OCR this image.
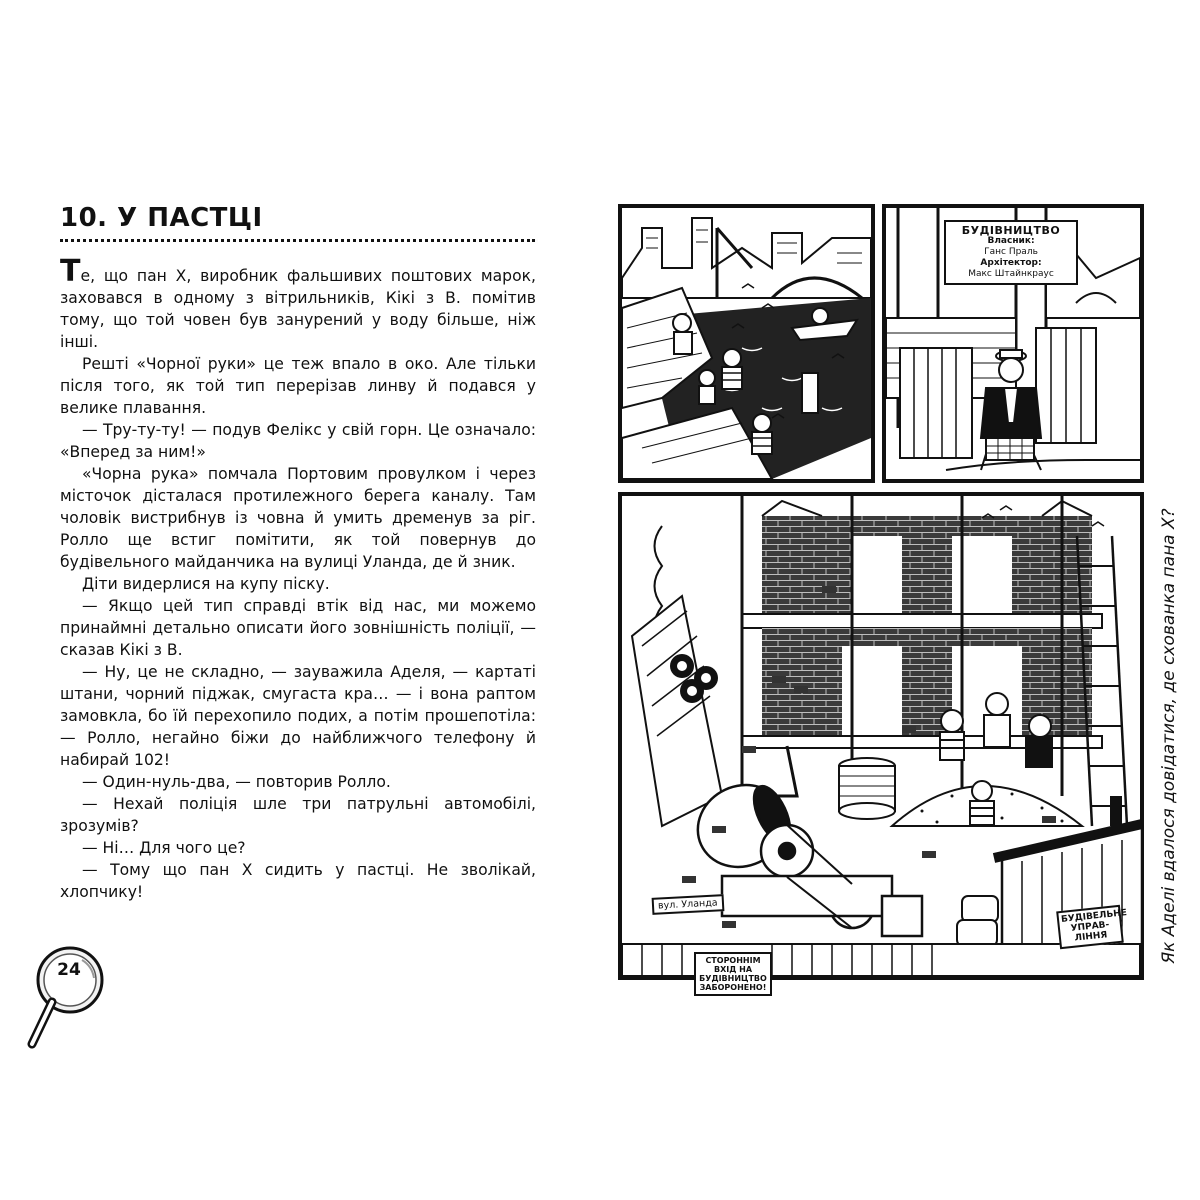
10. У ПАСТЦІ

Те, що пан Х, виробник фальшивих поштових марок, заховався в одному з вітрильників, Кікі з В. помітив тому, що той човен був занурений у воду більше, ніж інші.

Решті «Чорної руки» це теж впало в око. Але тільки після того, як той тип перерізав линву й подався у велике плавання.

— Тру-ту-ту! — подув Фелікс у свій горн. Це означало: «Вперед за ним!»

«Чорна рука» помчала Портовим провулком і через місточок дісталася протилежного берега каналу. Там чоловік вистрибнув із човна й умить дременув за ріг. Ролло ще встиг помітити, як той повернув до будівельного майданчика на вулиці Уланда, де й зник.

Діти видерлися на купу піску.

— Якщо цей тип справді втік від нас, ми можемо принаймні детально описати його зовнішність поліції, — сказав Кікі з В.

— Ну, це не складно, — зауважила Аделя, — картаті штани, чорний піджак, смугаста кра… — і вона раптом замовкла, бо їй перехопило подих, а потім прошепотіла: — Ролло, негайно біжи до найближчого телефону й набирай 102!

— Один-нуль-два, — повторив Ролло.

— Нехай поліція шле три патрульні автомобілі, зрозумів?

— Ні… Для чого це?

— Тому що пан Х сидить у пастці. Не зволікай, хлопчику!

24
БУДІВНИЦТВО
Власник:
Ганс Праль
Архітектор:
Макс Штайнкраус
вул. Уланда
БУДІВЕЛЬНЕ УПРАВ-ЛІННЯ
СТОРОННІМ ВХІД НА БУДІВНИЦТВО ЗАБОРОНЕНО!
Як Аделі вдалося довідатися, де схованка пана Х?
